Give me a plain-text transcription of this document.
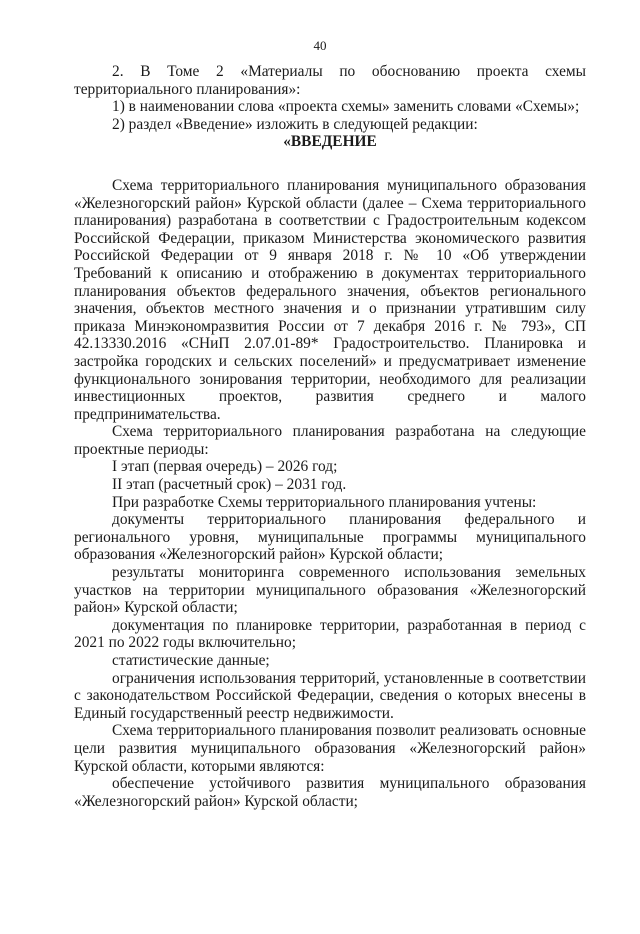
40

2. В Томе 2 «Материалы по обоснованию проекта схемы территориального планирования»:

1) в наименовании слова «проекта схемы» заменить словами «Схемы»;

2) раздел «Введение» изложить в следующей редакции:

«ВВЕДЕНИЕ

Схема территориального планирования муниципального образования «Железногорский район» Курской области (далее – Схема территориального планирования) разработана в соответствии с Градостроительным кодексом Российской Федерации, приказом Министерства экономического развития Российской Федерации от 9 января 2018 г. № 10 «Об утверждении Требований к описанию и отображению в документах территориального планирования объектов федерального значения, объектов регионального значения, объектов местного значения и о признании утратившим силу приказа Минэкономразвития России от 7 декабря 2016 г. № 793», СП 42.13330.2016 «СНиП 2.07.01-89* Градостроительство. Планировка и застройка городских и сельских поселений» и предусматривает изменение функционального зонирования территории, необходимого для реализации инвестиционных проектов, развития среднего и малого предпринимательства.

Схема территориального планирования разработана на следующие проектные периоды:

I этап (первая очередь) – 2026 год;

II этап (расчетный срок) – 2031 год.

При разработке Схемы территориального планирования учтены:

документы территориального планирования федерального и регионального уровня, муниципальные программы муниципального образования «Железногорский район» Курской области;

результаты мониторинга современного использования земельных участков на территории муниципального образования «Железногорский район» Курской области;

документация по планировке территории, разработанная в период с 2021 по 2022 годы включительно;

статистические данные;

ограничения использования территорий, установленные в соответствии с законодательством Российской Федерации, сведения о которых внесены в Единый государственный реестр недвижимости.

Схема территориального планирования позволит реализовать основные цели развития муниципального образования «Железногорский район» Курской области, которыми являются:

обеспечение устойчивого развития муниципального образования «Железногорский район» Курской области;
